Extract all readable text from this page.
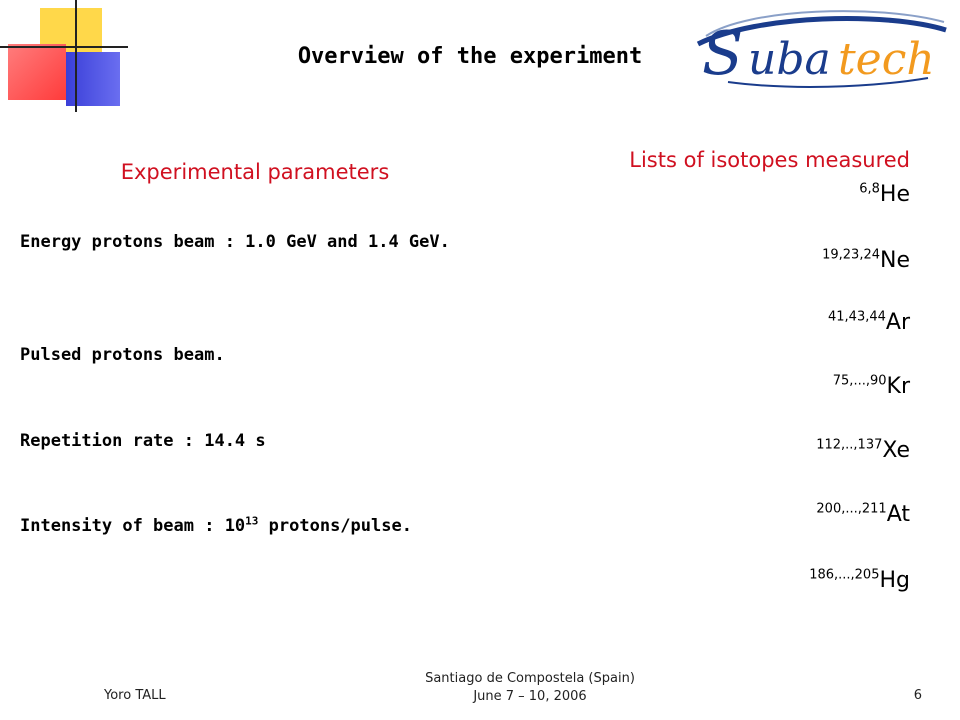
Overview of the experiment S uba tech
Experimental parameters
Energy protons beam : 1.0 GeV and 1.4 GeV.
Pulsed protons beam.
Repetition rate : 14.4 s
Intensity of beam : $10^{13}$ protons/pulse.
Lists of isotopes measured
$^{6,8}$He
$^{19,23,24}$Ne
$^{41,43,44}$Ar
$^{75,...,90}$Kr
$^{112,..,137}$Xe
$^{200,...,211}$At
$^{186,...,205}$Hg
Yoro TALL
Santiago de Compostela (Spain)
June 7 – 10, 2006	6
